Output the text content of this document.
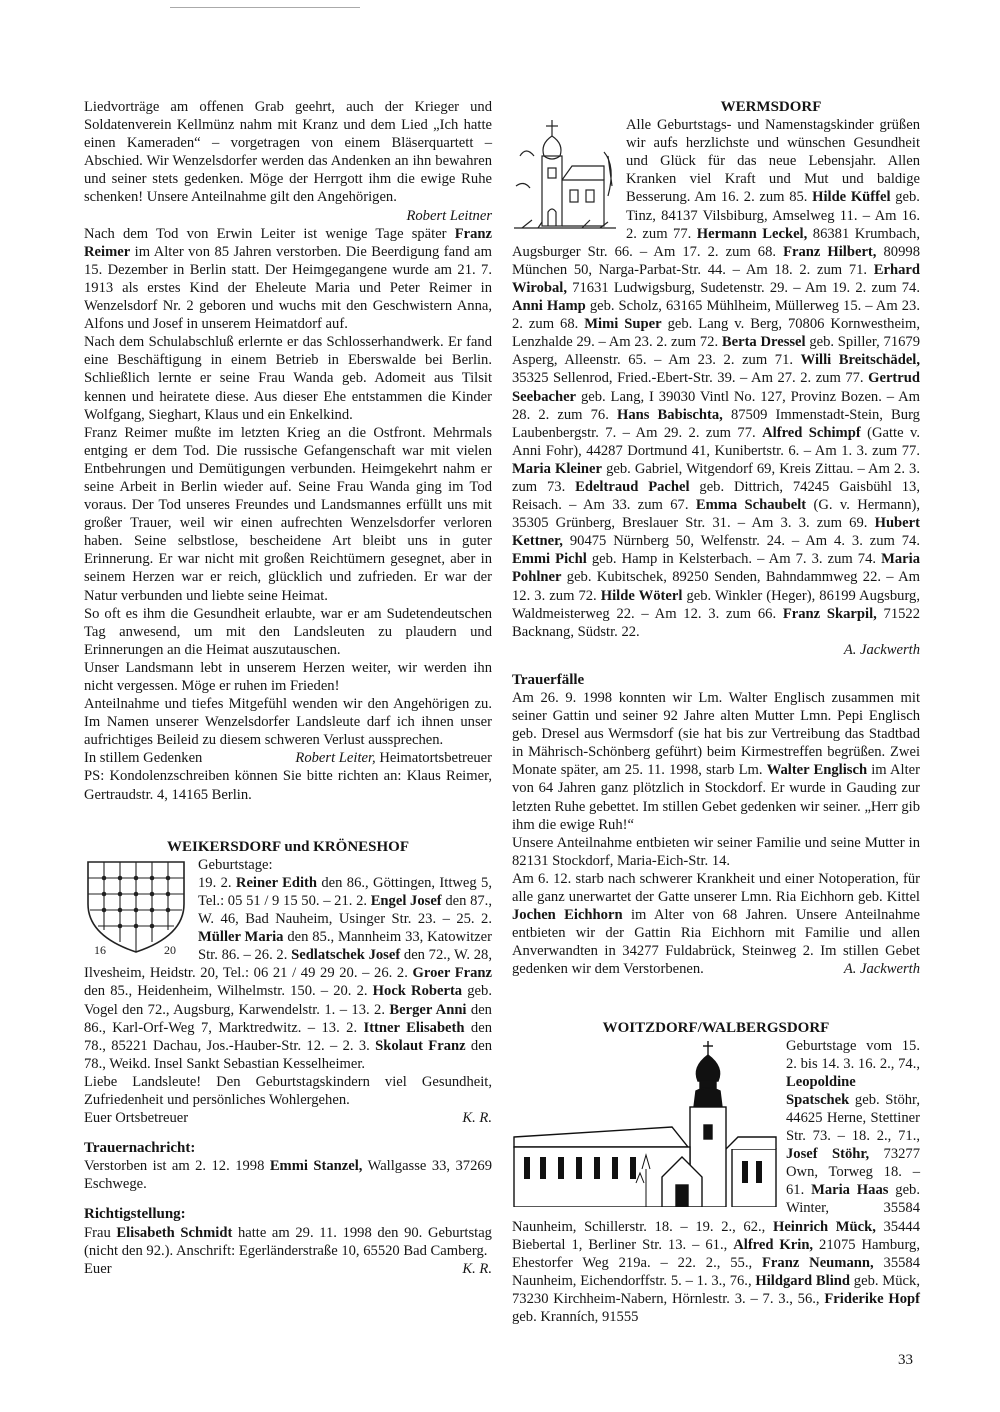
Liedvorträge am offenen Grab geehrt, auch der Krieger und Soldatenverein Kellmünz nahm mit Kranz und dem Lied „Ich hatte einen Kameraden“ – vorgetragen von einem Bläserquartett – Abschied. Wir Wenzelsdorfer werden das Andenken an ihn bewahren und seiner stets gedenken. Möge der Herrgott ihm die ewige Ruhe schenken! Unsere Anteilnahme gilt den Angehörigen.

Robert Leitner

Nach dem Tod von Erwin Leiter ist wenige Tage später Franz Reimer im Alter von 85 Jahren verstorben. Die Beerdigung fand am 15. Dezember in Berlin statt. Der Heimgegangene wurde am 21. 7. 1913 als erstes Kind der Eheleute Maria und Peter Reimer in Wenzelsdorf Nr. 2 geboren und wuchs mit den Geschwistern Anna, Alfons und Josef in unserem Heimatdorf auf.

Nach dem Schulabschluß erlernte er das Schlosserhandwerk. Er fand eine Beschäftigung in einem Betrieb in Eberswalde bei Berlin. Schließlich lernte er seine Frau Wanda geb. Adomeit aus Tilsit kennen und heiratete diese. Aus dieser Ehe entstammen die Kinder Wolfgang, Sieghart, Klaus und ein Enkelkind.

Franz Reimer mußte im letzten Krieg an die Ostfront. Mehrmals entging er dem Tod. Die russische Gefangenschaft war mit vielen Entbehrungen und Demütigungen verbunden. Heimgekehrt nahm er seine Arbeit in Berlin wieder auf. Seine Frau Wanda ging im Tod voraus. Der Tod unseres Freundes und Landsmannes erfüllt uns mit großer Trauer, weil wir einen aufrechten Wenzelsdorfer verloren haben. Seine selbstlose, bescheidene Art bleibt uns in guter Erinnerung. Er war nicht mit großen Reichtümern gesegnet, aber in seinem Herzen war er reich, glücklich und zufrieden. Er war der Natur verbunden und liebte seine Heimat.

So oft es ihm die Gesundheit erlaubte, war er am Sudetendeutschen Tag anwesend, um mit den Landsleuten zu plaudern und Erinnerungen an die Heimat auszutauschen.

Unser Landsmann lebt in unserem Herzen weiter, wir werden ihn nicht vergessen. Möge er ruhen im Frieden!

Anteilnahme und tiefes Mitgefühl wenden wir den Angehörigen zu. Im Namen unserer Wenzelsdorfer Landsleute darf ich ihnen unser aufrichtiges Beileid zu diesem schweren Verlust aussprechen.

In stillem Gedenken	Robert Leiter, Heimatortsbetreuer

PS: Kondolenzschreiben können Sie bitte richten an: Klaus Reimer, Gertraudstr. 4, 14165 Berlin.

WEIKERSDORF und KRÖNESHOF
16	20

Geburtstage:

19. 2. Reiner Edith den 86., Göttingen, Ittweg 5, Tel.: 05 51 / 9 15 50. – 21. 2. Engel Josef den 87., W. 46, Bad Nauheim, Usinger Str. 23. – 25. 2. Müller Maria den 85., Mannheim 33, Katowitzer Str. 86. – 26. 2. Sedlatschek Josef den 72., W. 28, Ilvesheim, Heidstr. 20, Tel.: 06 21 / 49 29 20. – 26. 2. Groer Franz den 85., Heidenheim, Wilhelmstr. 150. – 20. 2. Hock Roberta geb. Vogel den 72., Augsburg, Karwendelstr. 1. – 13. 2. Berger Anni den 86., Karl-Orf-Weg 7, Marktredwitz. – 13. 2. Ittner Elisabeth den 78., 85221 Dachau, Jos.-Hauber-Str. 12. – 2. 3. Skolaut Franz den 78., Weikd. Insel Sankt Sebastian Kesselheimer.

Liebe Landsleute! Den Geburtstagskindern viel Gesundheit, Zufriedenheit und persönliches Wohlergehen.

Euer Ortsbetreuer	K. R.

Trauernachricht:

Verstorben ist am 2. 12. 1998 Emmi Stanzel, Wallgasse 33, 37269 Eschwege.

Richtigstellung:

Frau Elisabeth Schmidt hatte am 29. 11. 1998 den 90. Geburtstag (nicht den 92.). Anschrift: Egerländerstraße 10, 65520 Bad Camberg.

Euer	K. R.

WERMSDORF

Alle Geburtstags- und Namenstagskinder grüßen wir aufs herzlichste und wünschen Gesundheit und Glück für das neue Lebensjahr. Allen Kranken viel Kraft und Mut und baldige Besserung. Am 16. 2. zum 85. Hilde Küffel geb. Tinz, 84137 Vilsbiburg, Amselweg 11. – Am 16. 2. zum 77. Hermann Leckel, 86381 Krumbach, Augsburger Str. 66. – Am 17. 2. zum 68. Franz Hilbert, 80998 München 50, Narga-Parbat-Str. 44. – Am 18. 2. zum 71. Erhard Wirobal, 71631 Ludwigsburg, Sudetenstr. 29. – Am 19. 2. zum 74. Anni Hamp geb. Scholz, 63165 Mühlheim, Müllerweg 15. – Am 23. 2. zum 68. Mimi Super geb. Lang v. Berg, 70806 Kornwestheim, Lenzhalde 29. – Am 23. 2. zum 72. Berta Dressel geb. Spiller, 71679 Asperg, Alleenstr. 65. – Am 23. 2. zum 71. Willi Breitschädel, 35325 Sellenrod, Fried.-Ebert-Str. 39. – Am 27. 2. zum 77. Gertrud Seebacher geb. Lang, I 39030 Vintl No. 127, Provinz Bozen. – Am 28. 2. zum 76. Hans Babischta, 87509 Immenstadt-Stein, Burg Laubenbergstr. 7. – Am 29. 2. zum 77. Alfred Schimpf (Gatte v. Anni Fohr), 44287 Dortmund 41, Kunibertstr. 6. – Am 1. 3. zum 77. Maria Kleiner geb. Gabriel, Witgendorf 69, Kreis Zittau. – Am 2. 3. zum 73. Edeltraud Pachel geb. Dittrich, 74245 Gaisbühl 13, Reisach. – Am 33. zum 67. Emma Schaubelt (G. v. Hermann), 35305 Grünberg, Breslauer Str. 31. – Am 3. 3. zum 69. Hubert Kettner, 90475 Nürnberg 50, Welfenstr. 24. – Am 4. 3. zum 74. Emmi Pichl geb. Hamp in Kelsterbach. – Am 7. 3. zum 74. Maria Pohlner geb. Kubitschek, 89250 Senden, Bahndammweg 22. – Am 12. 3. zum 72. Hilde Wöterl geb. Winkler (Heger), 86199 Augsburg, Waldmeisterweg 22. – Am 12. 3. zum 66. Franz Skarpil, 71522 Backnang, Südstr. 22.

A. Jackwerth

Trauerfälle

Am 26. 9. 1998 konnten wir Lm. Walter Englisch zusammen mit seiner Gattin und seiner 92 Jahre alten Mutter Lmn. Pepi Englisch geb. Dresel aus Wermsdorf (sie hat bis zur Vertreibung das Stadtbad in Mährisch-Schönberg geführt) beim Kirmestreffen begrüßen. Zwei Monate später, am 25. 11. 1998, starb Lm. Walter Englisch im Alter von 64 Jahren ganz plötzlich in Stockdorf. Er wurde in Gauding zur letzten Ruhe gebettet. Im stillen Gebet gedenken wir seiner. „Herr gib ihm die ewige Ruh!“

Unsere Anteilnahme entbieten wir seiner Familie und seine Mutter in 82131 Stockdorf, Maria-Eich-Str. 14.

Am 6. 12. starb nach schwerer Krankheit und einer Notoperation, für alle ganz unerwartet der Gatte unserer Lmn. Ria Eichhorn geb. Kittel Jochen Eichhorn im Alter von 68 Jahren. Unsere Anteilnahme entbieten wir der Gattin Ria Eichhorn mit Familie und allen Anverwandten in 34277 Fuldabrück, Steinweg 2. Im stillen Gebet gedenken wir dem Verstorbenen.	A. Jackwerth

WOITZDORF/WALBERGSDORF

Geburtstage vom 15. 2. bis 14. 3. 16. 2., 74., Leopoldine Spatschek geb. Stöhr, 44625 Herne, Stettiner Str. 73. – 18. 2., 71., Josef Stöhr, 73277 Own, Torweg 18. – 61. Maria Haas geb. Winter, 35584 Naunheim, Schillerstr. 18. – 19. 2., 62., Heinrich Mück, 35444 Biebertal 1, Berliner Str. 13. – 61., Alfred Krin, 21075 Hamburg, Ehestorfer Weg 219a. – 22. 2., 55., Franz Neumann, 35584 Naunheim, Eichendorffstr. 5. – 1. 3., 76., Hildgard Blind geb. Mück, 73230 Kirchheim-Nabern, Hörnlestr. 3. – 7. 3., 56., Friderike Hopf geb. Kranních, 91555

33
